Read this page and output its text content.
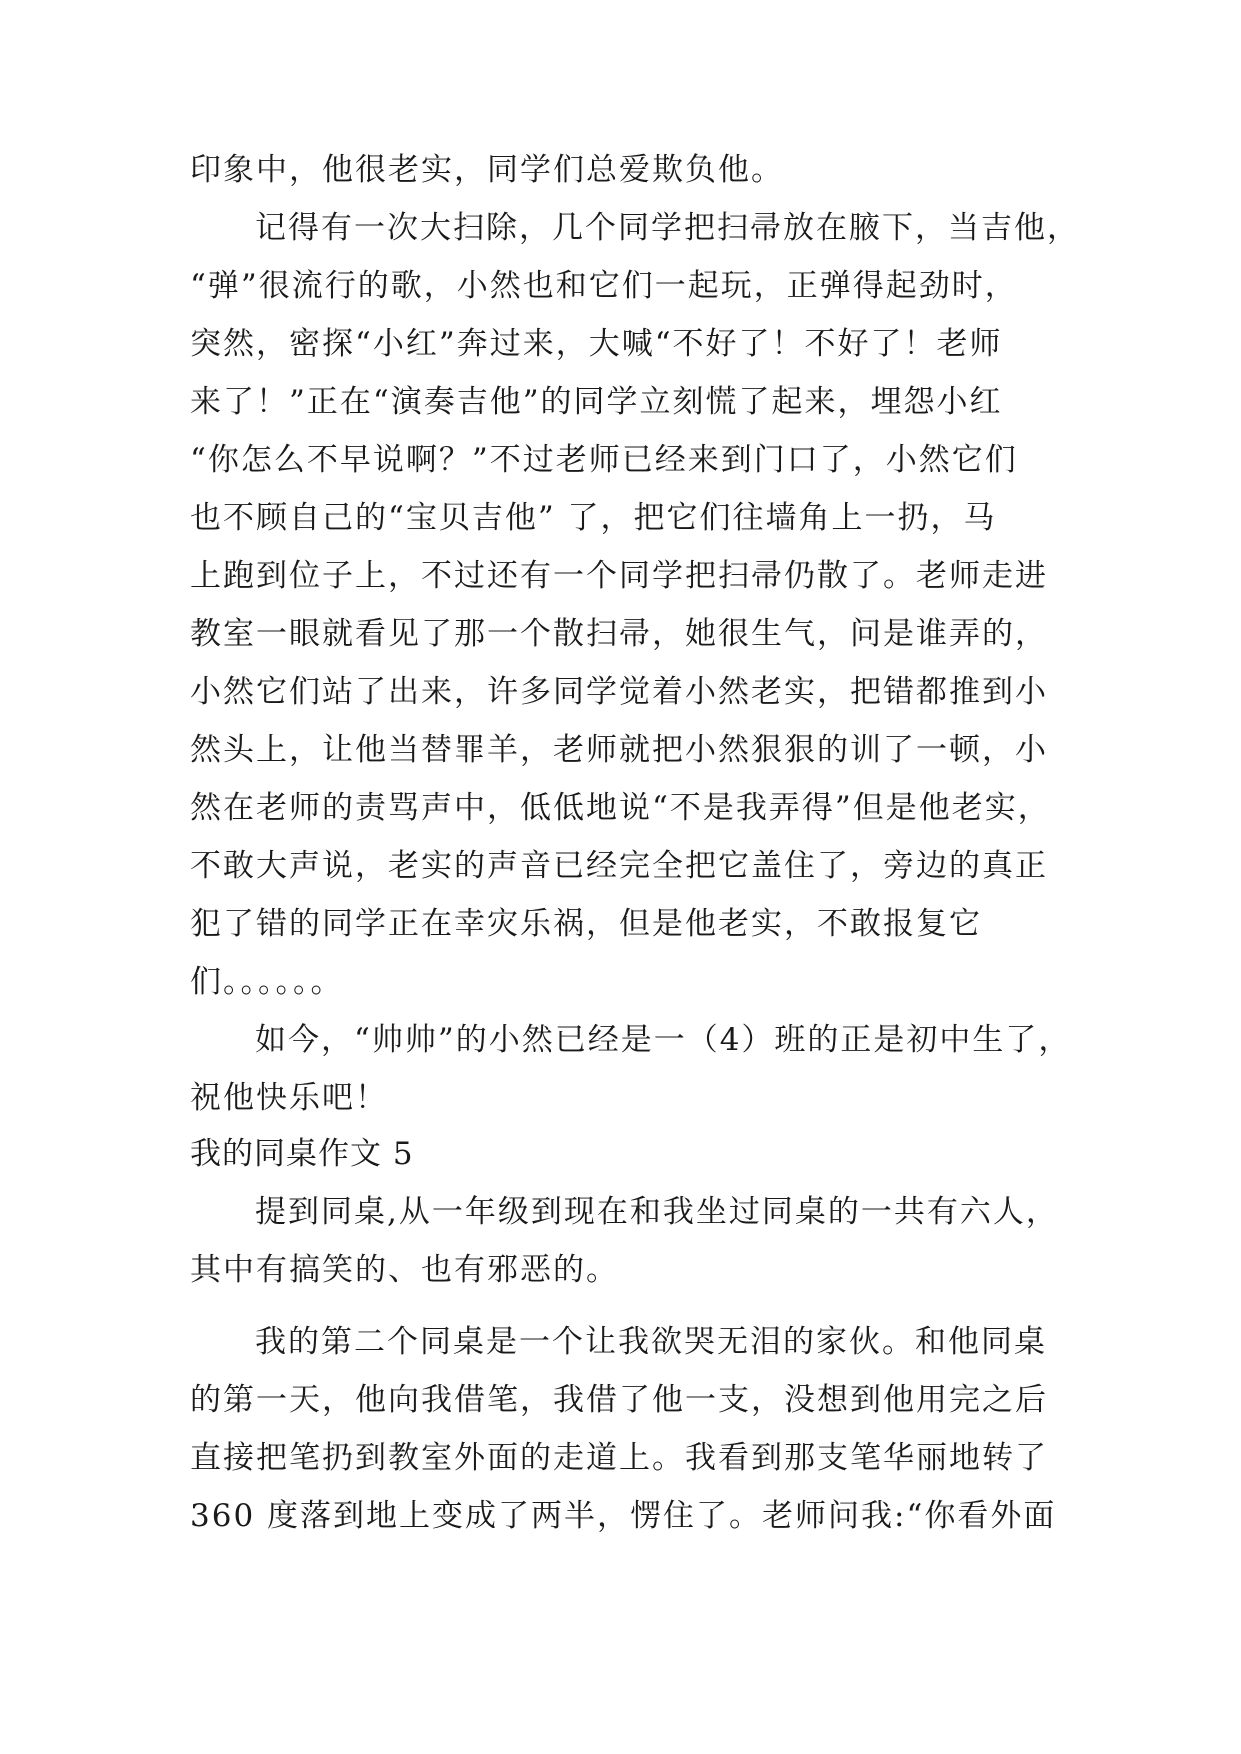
印象中，他很老实，同学们总爱欺负他。
记得有一次大扫除，几个同学把扫帚放在腋下，当吉他，
“弹”很流行的歌，小然也和它们一起玩，正弹得起劲时，
突然，密探“小红”奔过来，大喊“不好了！不好了！老师
来了！”正在“演奏吉他”的同学立刻慌了起来，埋怨小红
“你怎么不早说啊？”不过老师已经来到门口了，小然它们
也不顾自己的“宝贝吉他” 了，把它们往墙角上一扔，马
上跑到位子上，不过还有一个同学把扫帚仍散了。老师走进
教室一眼就看见了那一个散扫帚，她很生气，问是谁弄的，
小然它们站了出来，许多同学觉着小然老实，把错都推到小
然头上，让他当替罪羊，老师就把小然狠狠的训了一顿，小
然在老师的责骂声中，低低地说“不是我弄得”但是他老实，
不敢大声说，老实的声音已经完全把它盖住了，旁边的真正
犯了错的同学正在幸灾乐祸，但是他老实，不敢报复它
们。。。。。。
如今，“帅帅”的小然已经是一（4）班的正是初中生了，
祝他快乐吧！
我的同桌作文 5
提到同桌,从一年级到现在和我坐过同桌的一共有六人，
其中有搞笑的、也有邪恶的。
我的第二个同桌是一个让我欲哭无泪的家伙。和他同桌
的第一天，他向我借笔，我借了他一支，没想到他用完之后
直接把笔扔到教室外面的走道上。我看到那支笔华丽地转了
360 度落到地上变成了两半，愣住了。老师问我:“你看外面
